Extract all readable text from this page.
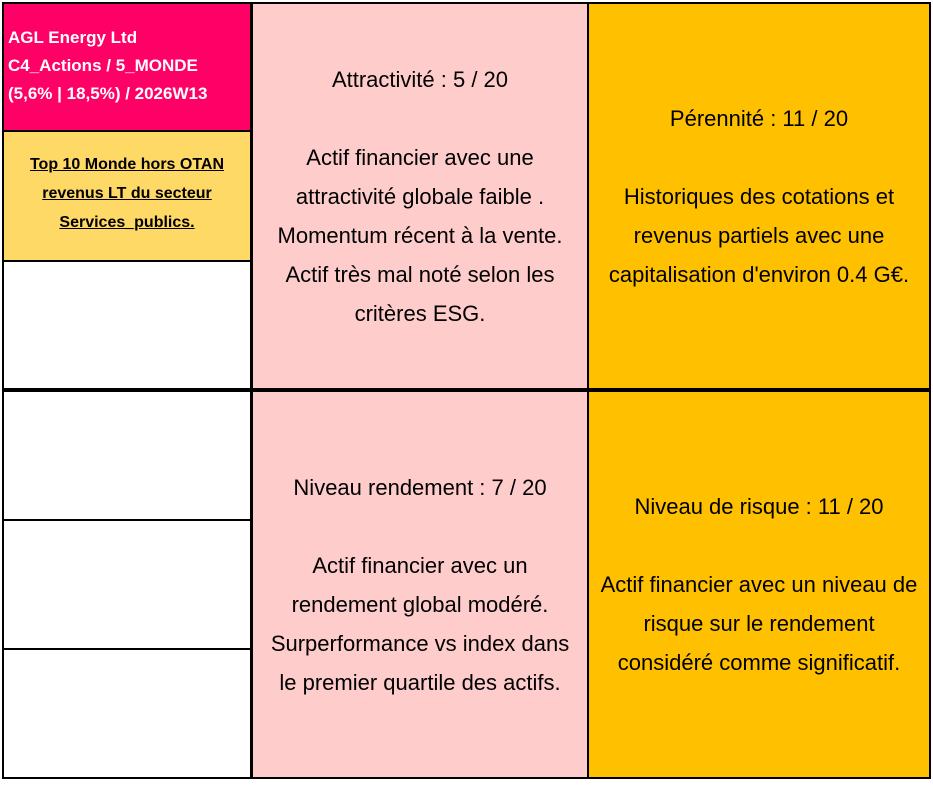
AGL Energy Ltd
C4_Actions / 5_MONDE
(5,6% | 18,5%) / 2026W13
Top 10 Monde hors OTAN
revenus LT du secteur
Services_publics.
Attractivité : 5 / 20
Actif financier avec une
attractivité globale faible .
Momentum récent à la vente.
Actif très mal noté selon les
critères ESG.
Pérennité : 11 / 20
Historiques des cotations et
revenus partiels avec une
capitalisation d'environ 0.4 G€.
Niveau rendement : 7 / 20
Actif financier avec un
rendement global modéré.
Surperformance vs index dans
le premier quartile des actifs.
Niveau de risque : 11 / 20
Actif financier avec un niveau de
risque sur le rendement
considéré comme significatif.
